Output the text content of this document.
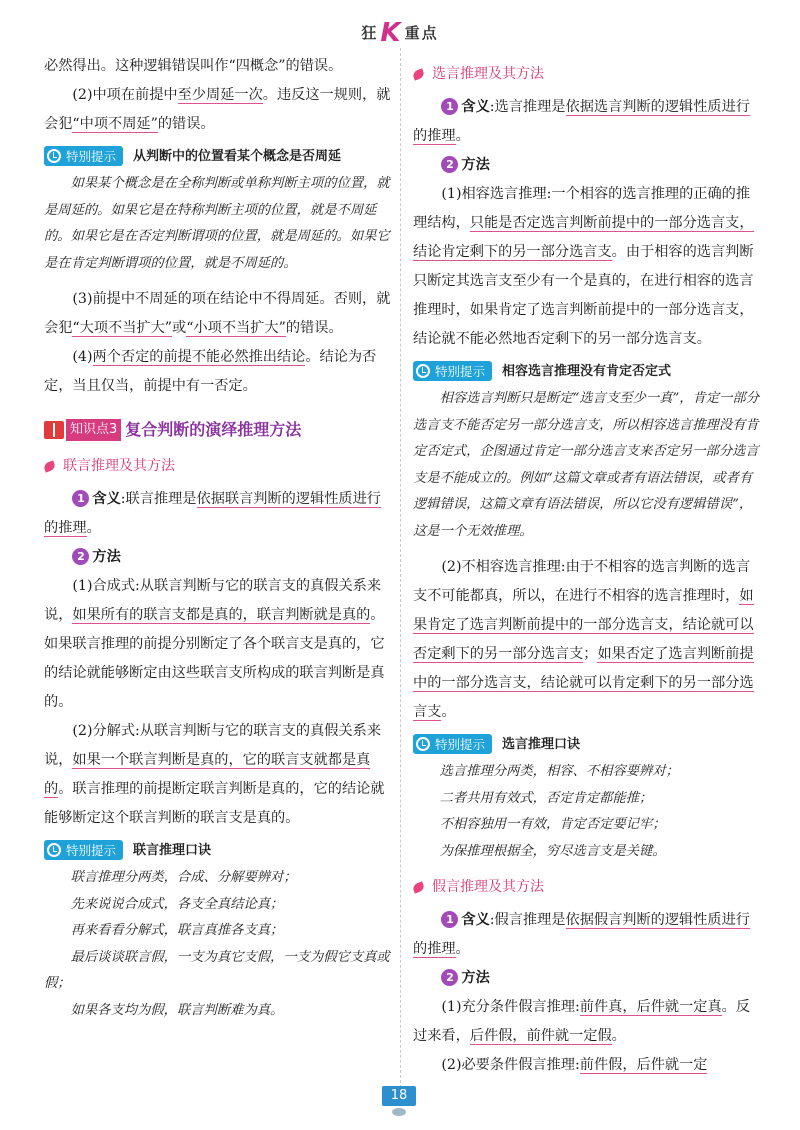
狂K 重点

必然得出。这种逻辑错误叫作“四概念”的错误。

(2)中项在前提中至少周延一次。违反这一规则，就会犯“中项不周延”的错误。

特别提示 从判断中的位置看某个概念是否周延

如果某个概念是在全称判断或单称判断主项的位置，就是周延的。如果它是在特称判断主项的位置，就是不周延的。如果它是在否定判断谓项的位置，就是周延的。如果它是在肯定判断谓项的位置，就是不周延的。

(3)前提中不周延的项在结论中不得周延。否则，就会犯“大项不当扩大”或“小项不当扩大”的错误。

(4)两个否定的前提不能必然推出结论。结论为否定，当且仅当，前提中有一否定。

知识点3 复合判断的演绎推理方法
联言推理及其方法

1 含义:联言推理是依据联言判断的逻辑性质进行的推理。

2 方法

(1)合成式:从联言判断与它的联言支的真假关系来说，如果所有的联言支都是真的，联言判断就是真的。如果联言推理的前提分别断定了各个联言支是真的，它的结论就能够断定由这些联言支所构成的联言判断是真的。

(2)分解式:从联言判断与它的联言支的真假关系来说，如果一个联言判断是真的，它的联言支就都是真的。联言推理的前提断定联言判断是真的，它的结论就能够断定这个联言判断的联言支是真的。

特别提示 联言推理口诀

联言推理分两类，合成、分解要辨对；

先来说说合成式，各支全真结论真；

再来看看分解式，联言真推各支真；

最后谈谈联言假，一支为真它支假，一支为假它支真或假；

如果各支均为假，联言判断难为真。

选言推理及其方法

1 含义:选言推理是依据选言判断的逻辑性质进行的推理。

2 方法

(1)相容选言推理:一个相容的选言推理的正确的推理结构，只能是否定选言判断前提中的一部分选言支，结论肯定剩下的另一部分选言支。由于相容的选言判断只断定其选言支至少有一个是真的，在进行相容的选言推理时，如果肯定了选言判断前提中的一部分选言支，结论就不能必然地否定剩下的另一部分选言支。

特别提示 相容选言推理没有肯定否定式

相容选言判断只是断定“选言支至少一真”，肯定一部分选言支不能否定另一部分选言支，所以相容选言推理没有肯定否定式，企图通过肯定一部分选言支来否定另一部分选言支是不能成立的。例如“这篇文章或者有语法错误，或者有逻辑错误，这篇文章有语法错误，所以它没有逻辑错误”，这是一个无效推理。

(2)不相容选言推理:由于不相容的选言判断的选言支不可能都真，所以，在进行不相容的选言推理时，如果肯定了选言判断前提中的一部分选言支，结论就可以否定剩下的另一部分选言支；如果否定了选言判断前提中的一部分选言支，结论就可以肯定剩下的另一部分选言支。

特别提示 选言推理口诀

选言推理分两类，相容、不相容要辨对；

二者共用有效式，否定肯定都能推；

不相容独用一有效，肯定否定要记牢；

为保推理根据全，穷尽选言支是关键。

假言推理及其方法

1 含义:假言推理是依据假言判断的逻辑性质进行的推理。

2 方法

(1)充分条件假言推理:前件真，后件就一定真。反过来看，后件假，前件就一定假。

(2)必要条件假言推理:前件假，后件就一定

18
